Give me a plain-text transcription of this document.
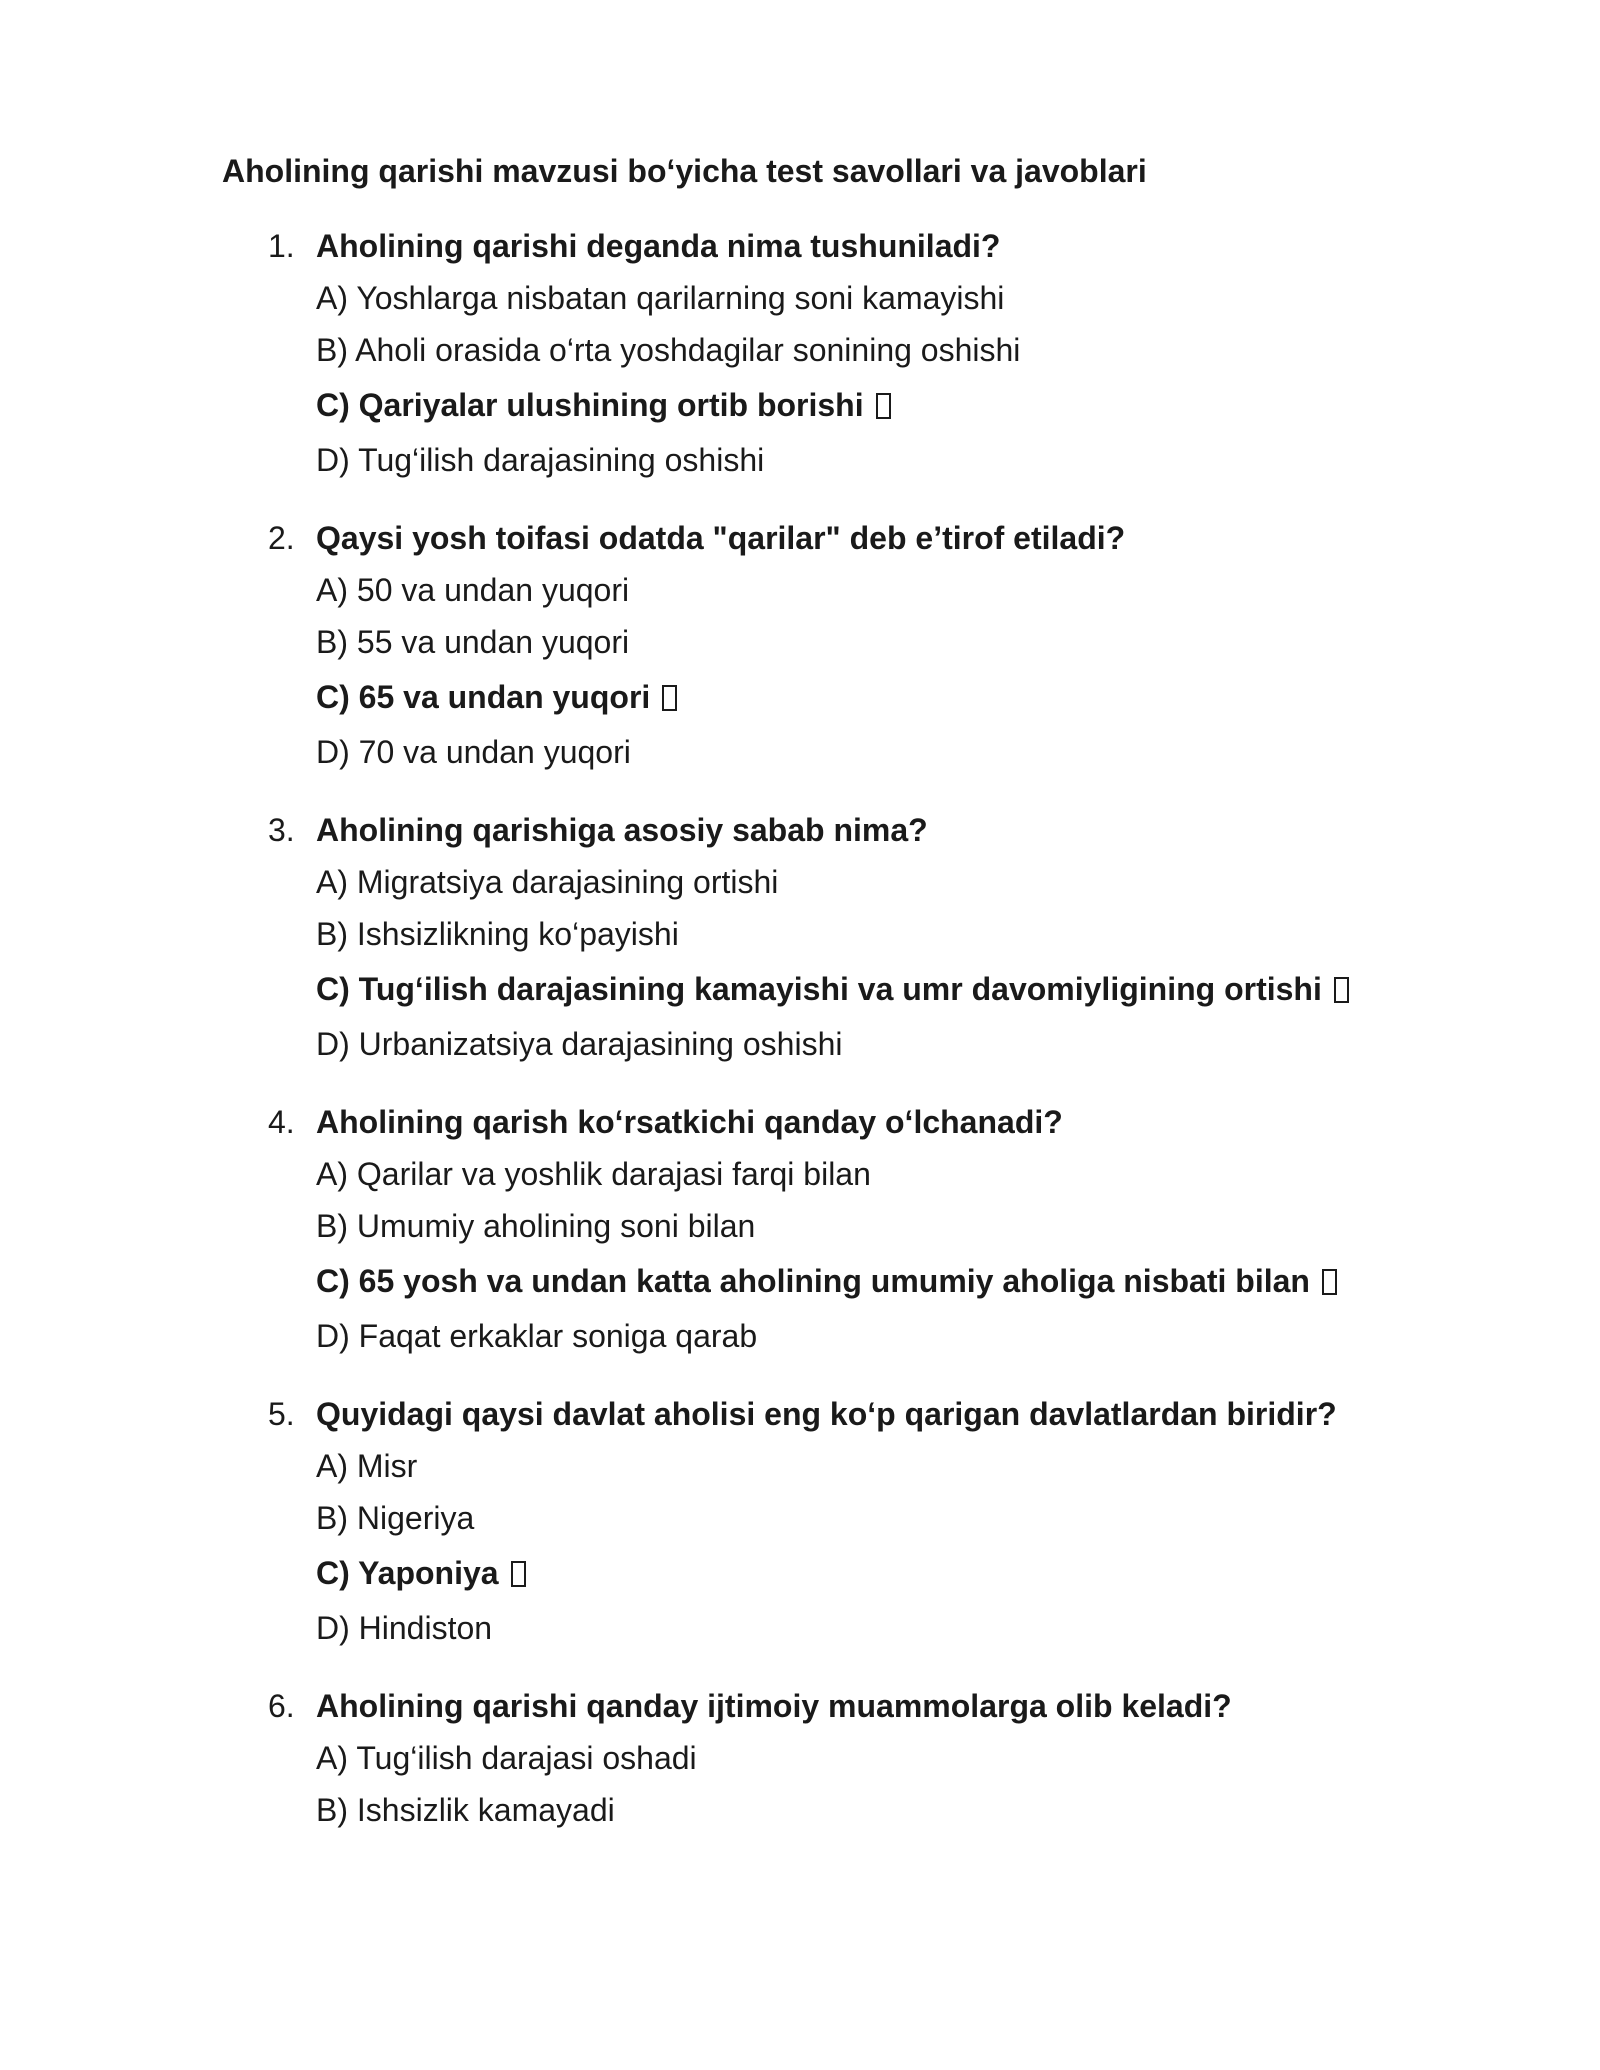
Aholining qarishi mavzusi bo‘yicha test savollari va javoblari
1. Aholining qarishi deganda nima tushuniladi?
A) Yoshlarga nisbatan qarilarning soni kamayishi
B) Aholi orasida o‘rta yoshdagilar sonining oshishi
C) Qariyalar ulushining ortib borishi
D) Tug‘ilish darajasining oshishi
2. Qaysi yosh toifasi odatda "qarilar" deb e’tirof etiladi?
A) 50 va undan yuqori
B) 55 va undan yuqori
C) 65 va undan yuqori
D) 70 va undan yuqori
3. Aholining qarishiga asosiy sabab nima?
A) Migratsiya darajasining ortishi
B) Ishsizlikning ko‘payishi
C) Tug‘ilish darajasining kamayishi va umr davomiyligining ortishi
D) Urbanizatsiya darajasining oshishi
4. Aholining qarish ko‘rsatkichi qanday o‘lchanadi?
A) Qarilar va yoshlik darajasi farqi bilan
B) Umumiy aholining soni bilan
C) 65 yosh va undan katta aholining umumiy aholiga nisbati bilan
D) Faqat erkaklar soniga qarab
5. Quyidagi qaysi davlat aholisi eng ko‘p qarigan davlatlardan biridir?
A) Misr
B) Nigeriya
C) Yaponiya
D) Hindiston
6. Aholining qarishi qanday ijtimoiy muammolarga olib keladi?
A) Tug‘ilish darajasi oshadi
B) Ishsizlik kamayadi
